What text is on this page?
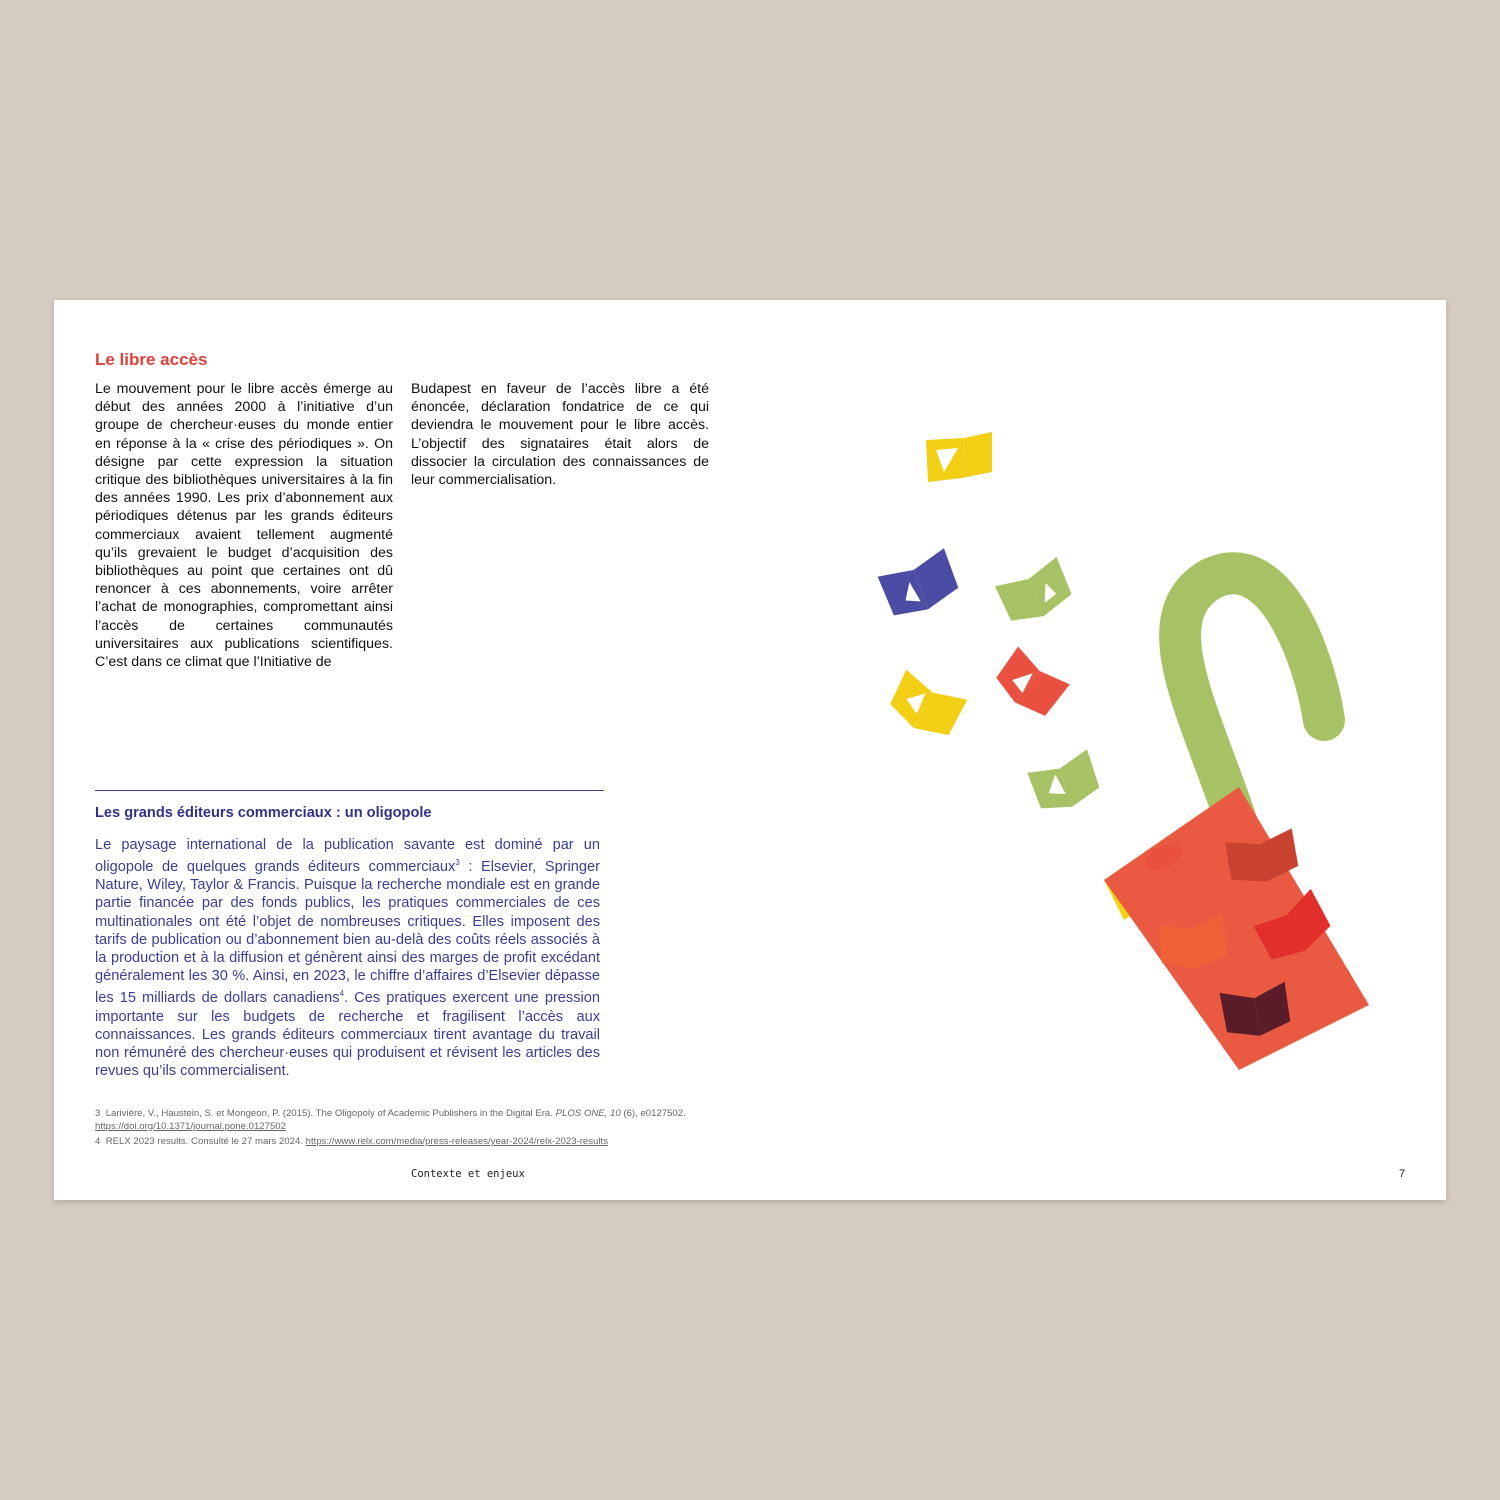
Le libre accès

Le mouvement pour le libre accès émerge au début des années 2000 à l’initiative d’un groupe de chercheur·euses du monde entier en réponse à la « crise des périodiques ». On désigne par cette expression la situation critique des bibliothèques universitaires à la fin des années 1990. Les prix d’abonnement aux périodiques détenus par les grands éditeurs commerciaux avaient tellement augmenté qu’ils grevaient le budget d’acquisition des bibliothèques au point que certaines ont dû renoncer à ces abonnements, voire arrêter l’achat de monographies, compromettant ainsi l’accès de certaines communautés universitaires aux publications scientifiques. C’est dans ce climat que l’Initiative de

Budapest en faveur de l’accès libre a été énoncée, déclaration fondatrice de ce qui deviendra le mouvement pour le libre accès. L’objectif des signataires était alors de dissocier la circulation des connaissances de leur commercialisation.

Les grands éditeurs commerciaux : un oligopole

Le paysage international de la publication savante est dominé par un oligopole de quelques grands éditeurs commerciaux$^3$ : Elsevier, Springer Nature, Wiley, Taylor & Francis. Puisque la recherche mondiale est en grande partie financée par des fonds publics, les pratiques commerciales de ces multinationales ont été l’objet de nombreuses critiques. Elles imposent des tarifs de publication ou d’abonnement bien au-delà des coûts réels associés à la production et à la diffusion et génèrent ainsi des marges de profit excédant généralement les 30 %. Ainsi, en 2023, le chiffre d’affaires d’Elsevier dépasse les 15 milliards de dollars canadiens$^4$. Ces pratiques exercent une pression importante sur les budgets de recherche et fragilisent l’accès aux connaissances. Les grands éditeurs commerciaux tirent avantage du travail non rémunéré des chercheur·euses qui produisent et révisent les articles des revues qu’ils commercialisent.

3 Larivière, V., Haustein, S. et Mongeon, P. (2015). The Oligopoly of Academic Publishers in the Digital Era. PLOS ONE, 10 (6), e0127502. https://doi.org/10.1371/journal.pone.0127502

4 RELX 2023 results. Consulté le 27 mars 2024. https://www.relx.com/media/press-releases/year-2024/relx-2023-results

Contexte et enjeux	7
